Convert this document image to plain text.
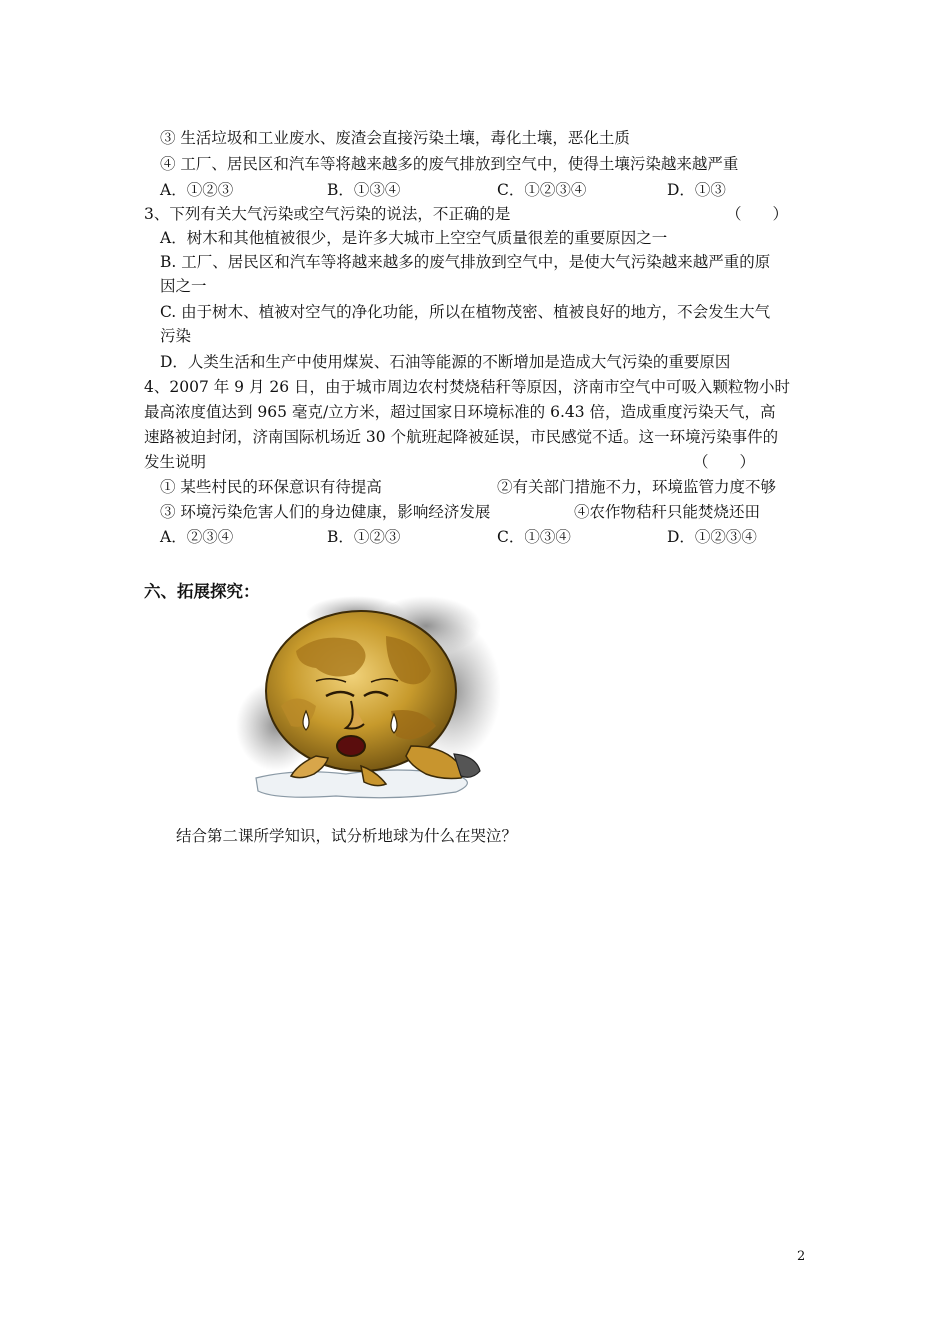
③ 生活垃圾和工业废水、废渣会直接污染土壤，毒化土壤，恶化土质
④ 工厂、居民区和汽车等将越来越多的废气排放到空气中，使得土壤污染越来越严重
A．①②③	B．①③④	C．①②③④	D．①③
3、下列有关大气污染或空气污染的说法，不正确的是	（　　）
A．树木和其他植被很少，是许多大城市上空空气质量很差的重要原因之一
B. 工厂、居民区和汽车等将越来越多的废气排放到空气中，是使大气污染越来越严重的原
因之一
C. 由于树木、植被对空气的净化功能，所以在植物茂密、植被良好的地方，不会发生大气
污染
D．人类生活和生产中使用煤炭、石油等能源的不断增加是造成大气污染的重要原因
4、2007 年 9 月 26 日，由于城市周边农村焚烧秸秆等原因，济南市空气中可吸入颗粒物小时
最高浓度值达到 965 毫克/立方米，超过国家日环境标准的 6.43 倍，造成重度污染天气，高
速路被迫封闭，济南国际机场近 30 个航班起降被延误，市民感觉不适。这一环境污染事件的
发生说明	（　　）
① 某些村民的环保意识有待提高	②有关部门措施不力，环境监管力度不够
③ 环境污染危害人们的身边健康，影响经济发展	④农作物秸秆只能焚烧还田
A．②③④	B．①②③	C．①③④	D．①②③④
六、拓展探究：
结合第二课所学知识，试分析地球为什么在哭泣？
2
